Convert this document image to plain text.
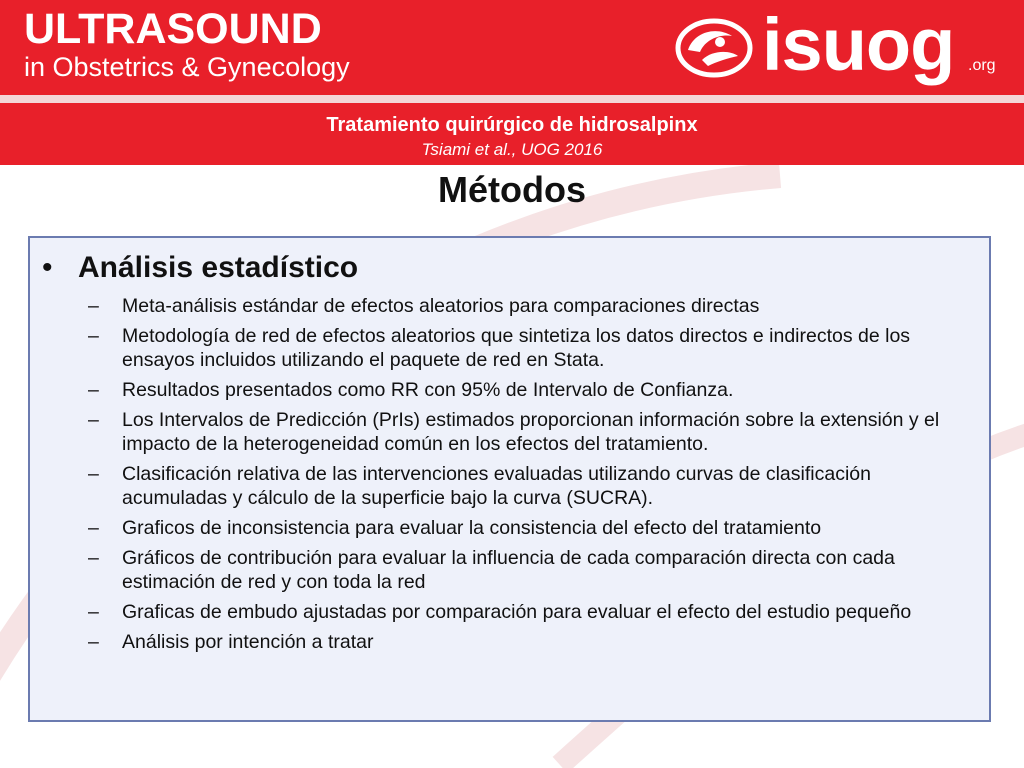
ULTRASOUND
in Obstetrics & Gynecology	isuog .org
Tratamiento quirúrgico de hidrosalpinx
Tsiami et al., UOG 2016
Métodos
• Análisis estadístico
– Meta-análisis estándar de efectos aleatorios para comparaciones directas
– Metodología de red de efectos aleatorios que sintetiza los datos directos e indirectos de los ensayos incluidos utilizando el paquete de red en Stata.
– Resultados presentados como RR con 95% de Intervalo de Confianza.
– Los Intervalos de Predicción (PrIs) estimados proporcionan información sobre la extensión y el impacto de la heterogeneidad común en los efectos del tratamiento.
– Clasificación relativa de las intervenciones evaluadas utilizando curvas de clasificación acumuladas y cálculo de la superficie bajo la curva (SUCRA).
– Graficos de inconsistencia para evaluar la consistencia del efecto del tratamiento
– Gráficos de contribución para evaluar la influencia de cada comparación directa con cada estimación de red y con toda la red
– Graficas de embudo ajustadas por comparación para evaluar el efecto del estudio pequeño
– Análisis por intención a tratar
